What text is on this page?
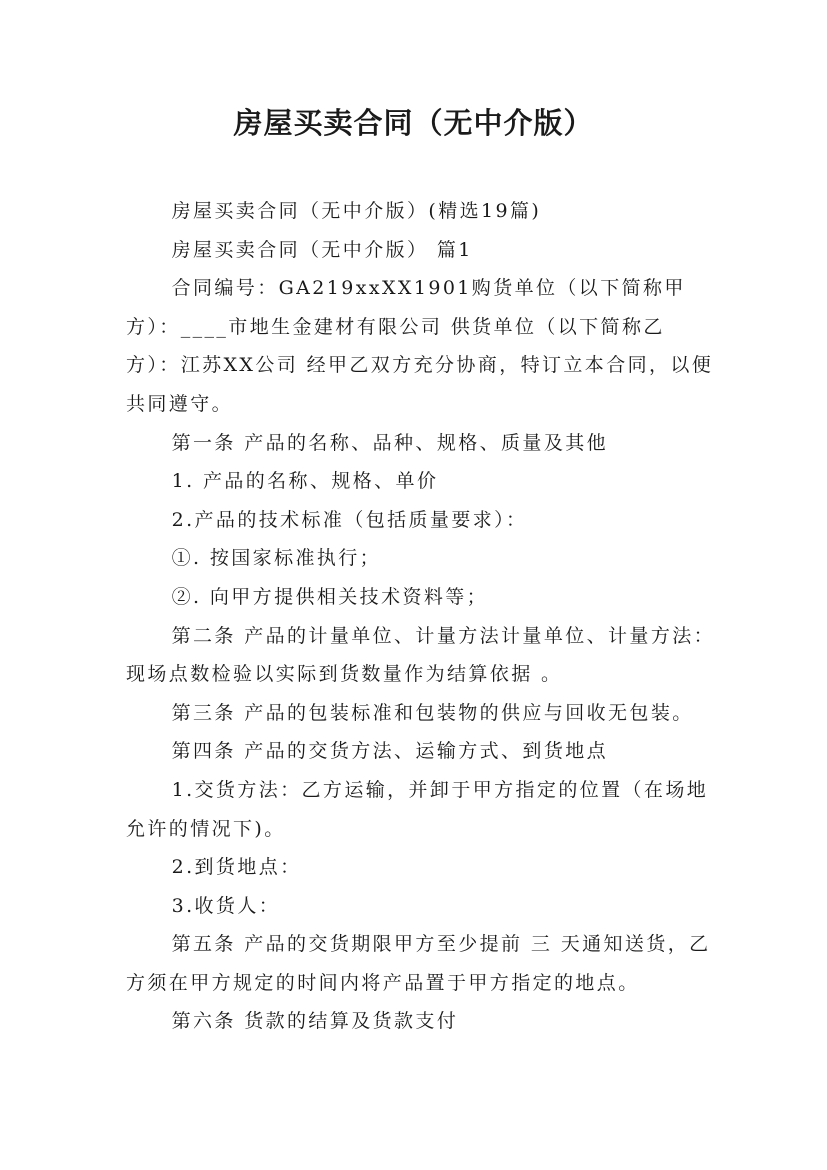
房屋买卖合同（无中介版）

房屋买卖合同（无中介版）(精选19篇)

房屋买卖合同（无中介版） 篇1

合同编号：GA219xxXX1901购货单位（以下简称甲方）：____市地生金建材有限公司 供货单位（以下简称乙方）：江苏XX公司 经甲乙双方充分协商，特订立本合同，以便共同遵守。

第一条 产品的名称、品种、规格、质量及其他

1. 产品的名称、规格、单价

2.产品的技术标准（包括质量要求）：

①. 按国家标准执行；

②. 向甲方提供相关技术资料等；

第二条 产品的计量单位、计量方法计量单位、计量方法：现场点数检验以实际到货数量作为结算依据 。

第三条 产品的包装标准和包装物的供应与回收无包装。

第四条 产品的交货方法、运输方式、到货地点

1.交货方法：乙方运输，并卸于甲方指定的位置（在场地允许的情况下)。

2.到货地点：

3.收货人：

第五条 产品的交货期限甲方至少提前 三 天通知送货，乙方须在甲方规定的时间内将产品置于甲方指定的地点。

第六条 货款的结算及货款支付
